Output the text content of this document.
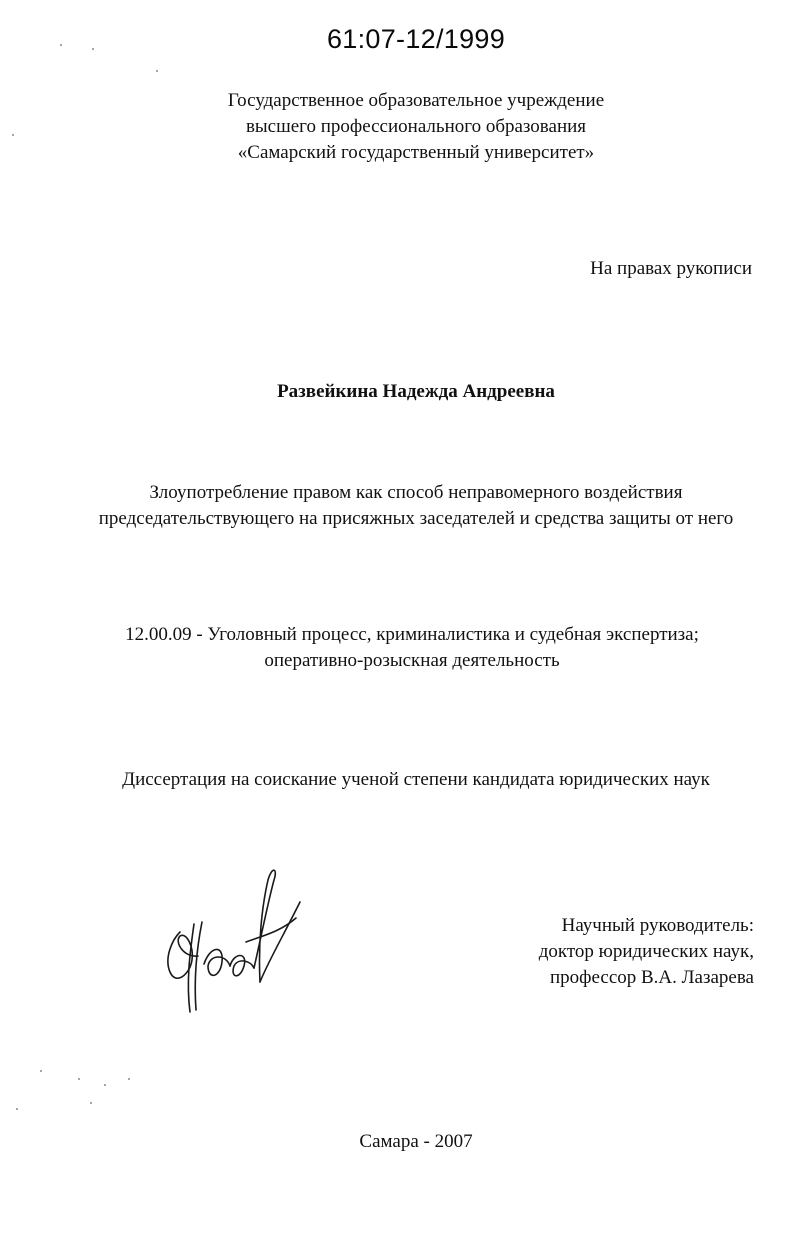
61:07-12/1999
Государственное образовательное учреждение
высшего профессионального образования
«Самарский государственный университет»
На правах рукописи
Развейкина Надежда Андреевна
Злоупотребление правом как способ неправомерного воздействия
председательствующего на присяжных заседателей и средства защиты от него
12.00.09 - Уголовный процесс, криминалистика и судебная экспертиза;
оперативно-розыскная деятельность
Диссертация на соискание ученой степени кандидата юридических наук
Научный руководитель:
доктор юридических наук,
профессор В.А. Лазарева
Самара - 2007
